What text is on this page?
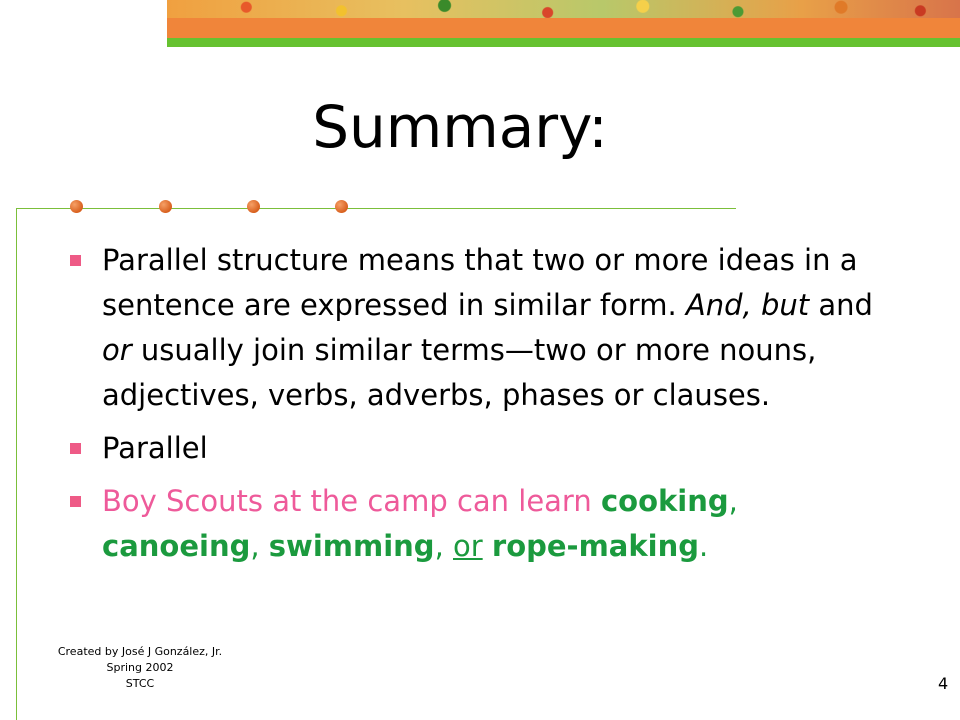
Summary:
Parallel structure means that two or more ideas in a sentence are expressed in similar form. And, but and or usually join similar terms—two or more nouns, adjectives, verbs, adverbs, phases or clauses.
Parallel
Boy Scouts at the camp can learn cooking, canoeing, swimming, or rope-making.
Created by José J González, Jr.
Spring 2002
STCC	4
